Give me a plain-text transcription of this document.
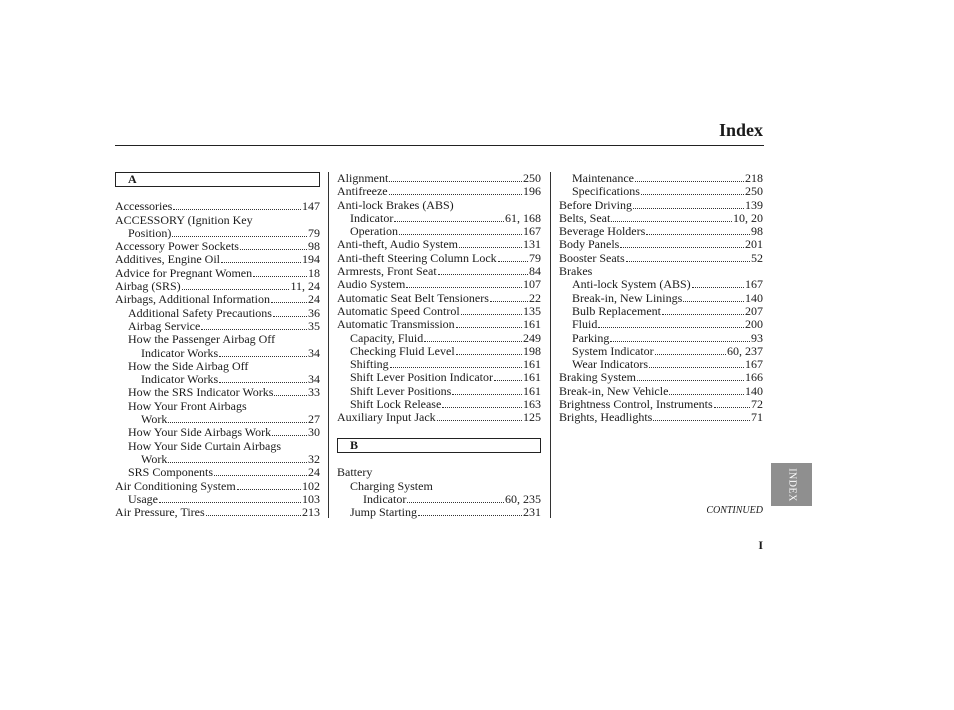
Index
A
Accessories	147
ACCESSORY (Ignition Key
Position)	79
Accessory Power Sockets	98
Additives, Engine Oil	194
Advice for Pregnant Women	18
Airbag (SRS)	11, 24
Airbags, Additional Information	24
Additional Safety Precautions	36
Airbag Service	35
How the Passenger Airbag Off
Indicator Works	34
How the Side Airbag Off
Indicator Works	34
How the SRS Indicator Works	33
How Your Front Airbags
Work	27
How Your Side Airbags Work	30
How Your Side Curtain Airbags
Work	32
SRS Components	24
Air Conditioning System	102
Usage	103
Air Pressure, Tires	213
Alignment	250
Antifreeze	196
Anti-lock Brakes (ABS)
Indicator	61, 168
Operation	167
Anti-theft, Audio System	131
Anti-theft Steering Column Lock	79
Armrests, Front Seat	84
Audio System	107
Automatic Seat Belt Tensioners	22
Automatic Speed Control	135
Automatic Transmission	161
Capacity, Fluid	249
Checking Fluid Level	198
Shifting	161
Shift Lever Position Indicator	161
Shift Lever Positions	161
Shift Lock Release	163
Auxiliary Input Jack	125
B
Battery
Charging System
Indicator	60, 235
Jump Starting	231
Maintenance	218
Specifications	250
Before Driving	139
Belts, Seat	10, 20
Beverage Holders	98
Body Panels	201
Booster Seats	52
Brakes
Anti-lock System (ABS)	167
Break-in, New Linings	140
Bulb Replacement	207
Fluid	200
Parking	93
System Indicator	60, 237
Wear Indicators	167
Braking System	166
Break-in, New Vehicle	140
Brightness Control, Instruments	72
Brights, Headlights	71
CONTINUED
I
INDEX
